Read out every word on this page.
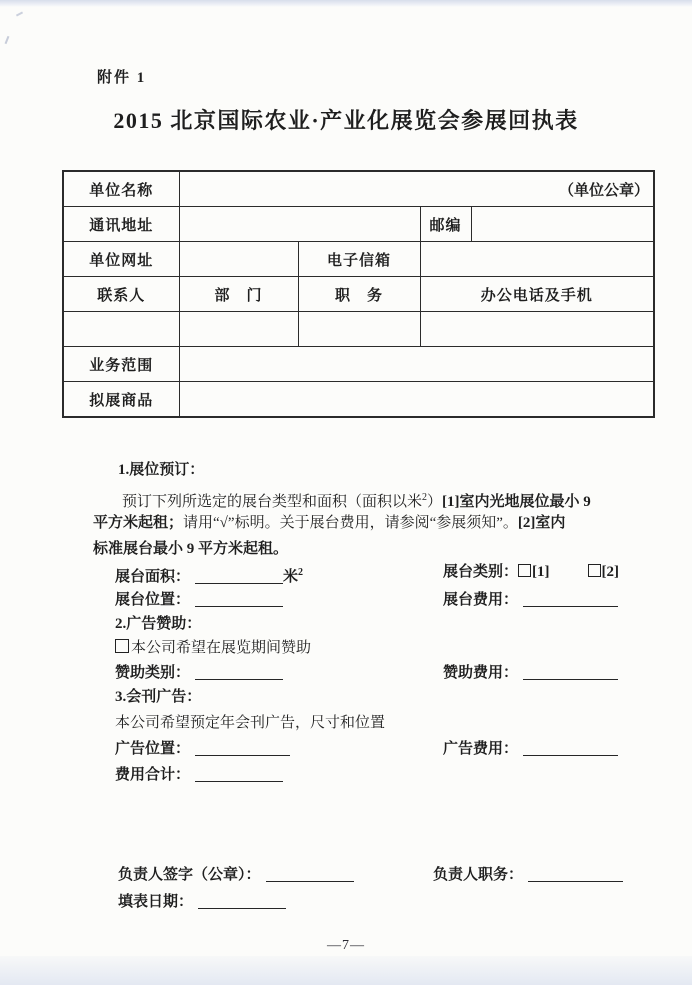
附件 1
2015 北京国际农业·产业化展览会参展回执表
单位名称	（单位公章）			
通讯地址			邮编	
单位网址		电子信箱		
联系人	部　门	职　务	办公电话及手机	

业务范围				
拟展商品				
1.展位预订：
预订下列所选定的展台类型和面积（面积以米$^2$）[1]室内光地展位最小 9
平方米起租；请用“√”标明。关于展台费用，请参阅“参展须知”。[2]室内
标准展台最小 9 平方米起租。
展台面积：	米$^2$	展台类别： [1]	[2]
展台位置：	展台费用：
2.广告赞助：
本公司希望在展览期间赞助
赞助类别：	赞助费用：
3.会刊广告：
本公司希望预定年会刊广告，尺寸和位置
广告位置：	广告费用：
费用合计：
负责人签字（公章）：	负责人职务：
填表日期：
—7—
